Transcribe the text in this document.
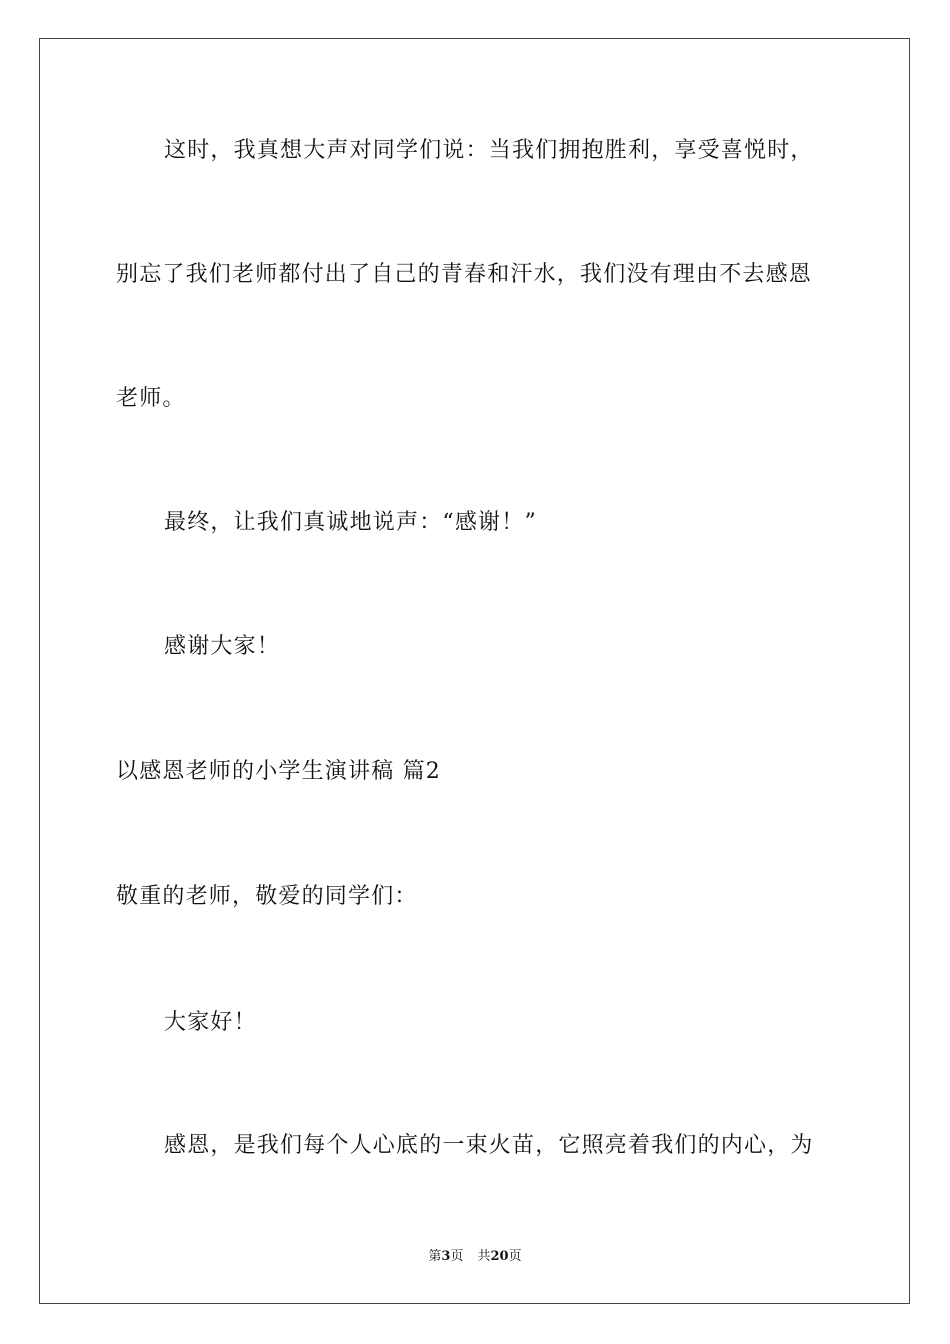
这时，我真想大声对同学们说：当我们拥抱胜利，享受喜悦时，
别忘了我们老师都付出了自己的青春和汗水，我们没有理由不去感恩
老师。
最终，让我们真诚地说声：“感谢！”
感谢大家！
以感恩老师的小学生演讲稿 篇2
敬重的老师，敬爱的同学们：
大家好！
感恩，是我们每个人心底的一束火苗，它照亮着我们的内心，为
第3页 共20页
